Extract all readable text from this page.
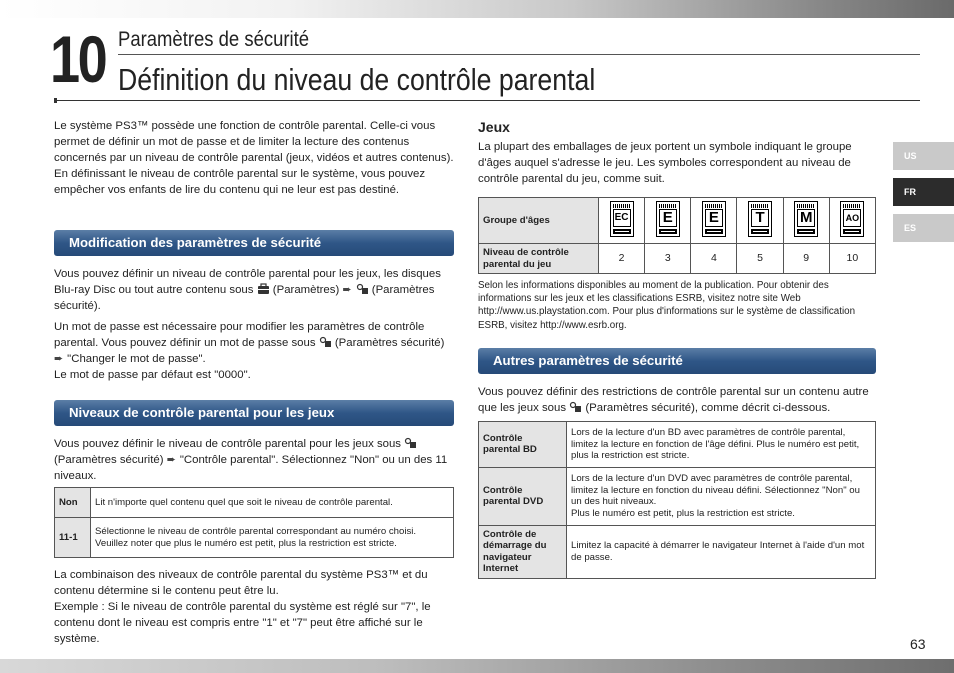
10 Paramètres de sécurité
Définition du niveau de contrôle parental

Le système PS3™ possède une fonction de contrôle parental. Celle-ci vous permet de définir un mot de passe et de limiter la lecture des contenus concernés par un niveau de contrôle parental (jeux, vidéos et autres contenus). En définissant le niveau de contrôle parental sur le système, vous pouvez empêcher vos enfants de lire du contenu qui ne leur est pas destiné.

Modification des paramètres de sécurité

Vous pouvez définir un niveau de contrôle parental pour les jeux, les disques Blu-ray Disc ou tout autre contenu sous (Paramètres) ➨ (Paramètres sécurité).

Un mot de passe est nécessaire pour modifier les paramètres de contrôle parental. Vous pouvez définir un mot de passe sous (Paramètres sécurité) ➨ "Changer le mot de passe".
Le mot de passe par défaut est "0000".

Niveaux de contrôle parental pour les jeux

Vous pouvez définir le niveau de contrôle parental pour les jeux sous  (Paramètres sécurité) ➨ "Contrôle parental". Sélectionnez "Non" ou un des 11 niveaux.

Non	Lit n'importe quel contenu quel que soit le niveau de contrôle parental.
11-1	Sélectionne le niveau de contrôle parental correspondant au numéro choisi. Veuillez noter que plus le numéro est petit, plus la restriction est stricte.

La combinaison des niveaux de contrôle parental du système PS3™ et du contenu détermine si le contenu peut être lu.

Exemple : Si le niveau de contrôle parental du système est réglé sur "7", le contenu dont le niveau est compris entre "1" et "7" peut être affiché sur le système.

Jeux

La plupart des emballages de jeux portent un symbole indiquant le groupe d'âges auquel s'adresse le jeu. Les symboles correspondent au niveau de contrôle parental du jeu, comme suit.

Groupe d'âges	EC	E	E	T	M	AO

Niveau de contrôle parental du jeu	2	3	4	5	9	10

Selon les informations disponibles au moment de la publication. Pour obtenir des informations sur les jeux et les classifications ESRB, visitez notre site Web http://www.us.playstation.com. Pour plus d'informations sur le système de classification ESRB, visitez http://www.esrb.org.

Autres paramètres de sécurité

Vous pouvez définir des restrictions de contrôle parental sur un contenu autre que les jeux sous (Paramètres sécurité), comme décrit ci-dessous.

Contrôle parental BD	Lors de la lecture d'un BD avec paramètres de contrôle parental, limitez la lecture en fonction de l'âge défini. Plus le numéro est petit, plus la restriction est stricte.
Contrôle parental DVD	Lors de la lecture d'un DVD avec paramètres de contrôle parental, limitez la lecture en fonction du niveau défini. Sélectionnez "Non" ou un des huit niveaux.
Plus le numéro est petit, plus la restriction est stricte.
Contrôle de démarrage du navigateur Internet	Limitez la capacité à démarrer le navigateur Internet à l'aide d'un mot de passe.
US
FR
ES
63
